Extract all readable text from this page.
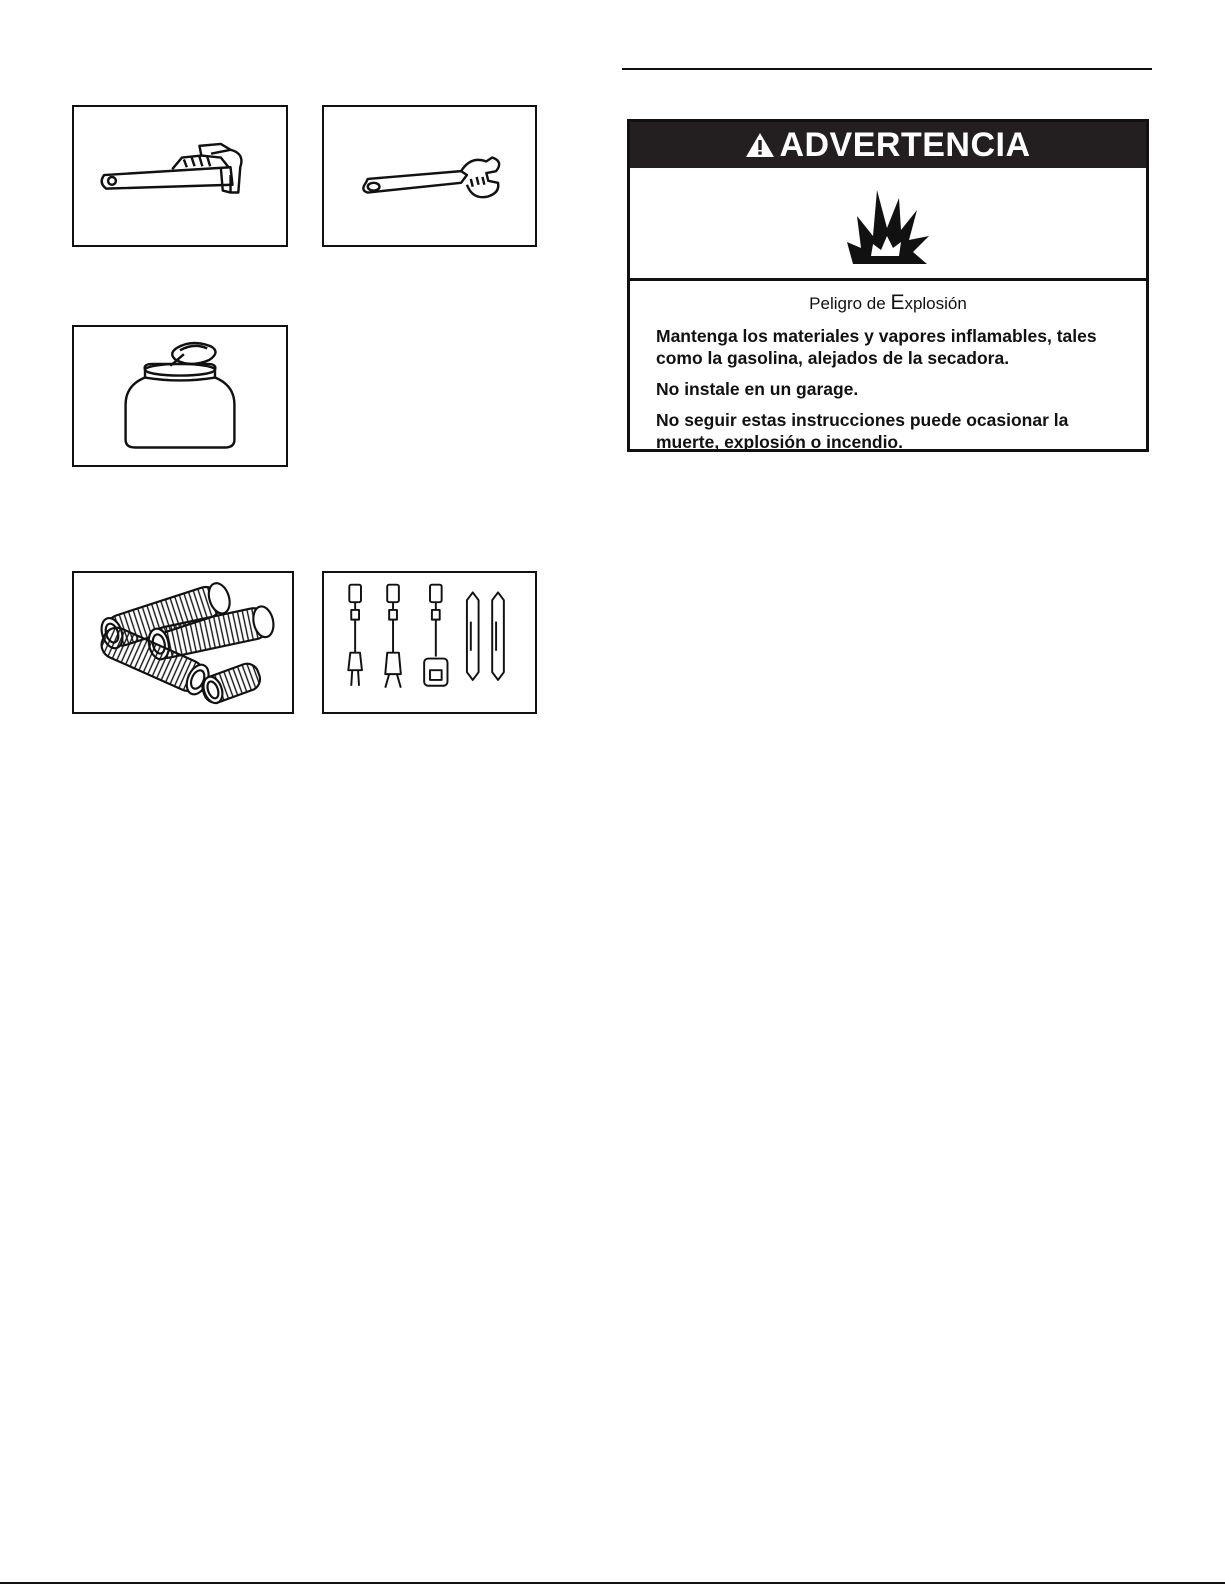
ADVERTENCIA
Peligro de Explosión

Mantenga los materiales y vapores inflamables, tales como la gasolina, alejados de la secadora.

No instale en un garage.

No seguir estas instrucciones puede ocasionar la muerte, explosión o incendio.
